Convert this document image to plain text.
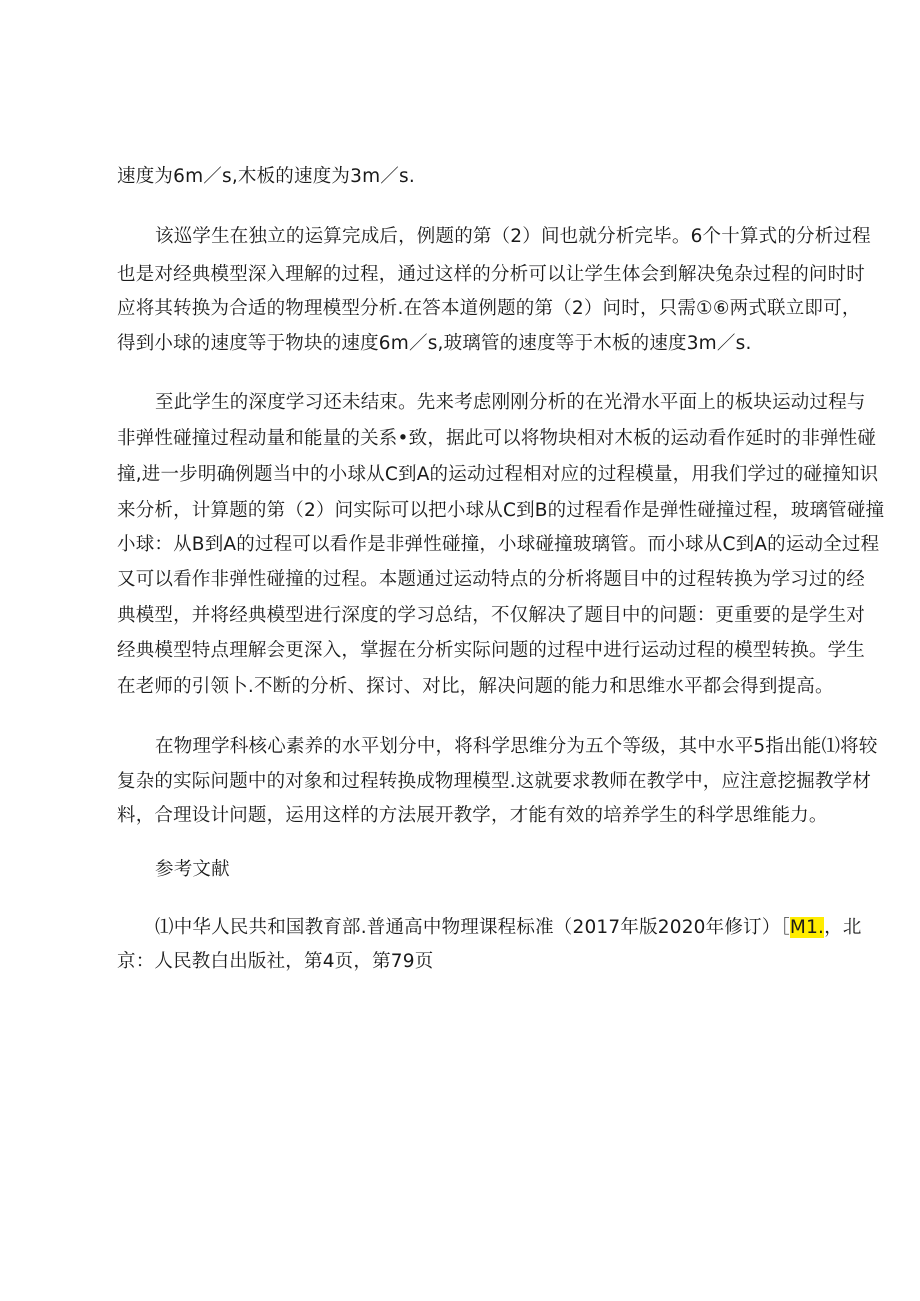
速度为6m／s,木板的速度为3m／s.
该巡学生在独立的运算完成后，例题的第（2）间也就分析完毕。6个十算式的分析过程
也是对经典模型深入理解的过程，通过这样的分析可以让学生体会到解决兔杂过程的问时时
应将其转换为合适的物理模型分析.在答本道例题的第（2）问时，只需①⑥两式联立即可，
得到小球的速度等于物块的速度6m／s,玻璃管的速度等于木板的速度3m／s.
至此学生的深度学习还未结束。先来考虑刚刚分析的在光滑水平面上的板块运动过程与
非弹性碰撞过程动量和能量的关系•致，据此可以将物块相对木板的运动看作延时的非弹性碰
撞,进一步明确例题当中的小球从C到A的运动过程相对应的过程模量，用我们学过的碰撞知识
来分析，计算题的第（2）问实际可以把小球从C到B的过程看作是弹性碰撞过程，玻璃管碰撞
小球：从B到A的过程可以看作是非弹性碰撞，小球碰撞玻璃管。而小球从C到A的运动全过程
又可以看作非弹性碰撞的过程。本题通过运动特点的分析将题目中的过程转换为学习过的经
典模型，并将经典模型进行深度的学习总结，不仅解决了题目中的问题：更重要的是学生对
经典模型特点理解会更深入，掌握在分析实际问题的过程中进行运动过程的模型转换。学生
在老师的引领卜.不断的分析、探讨、对比，解决问题的能力和思维水平都会得到提高。
在物理学科核心素养的水平划分中，将科学思维分为五个等级，其中水平5指出能⑴将较
复杂的实际问题中的对象和过程转换成物理模型.这就要求教师在教学中，应注意挖掘教学材
料，合理设计问题，运用这样的方法展开教学，才能有效的培养学生的科学思维能力。
参考文献
⑴中华人民共和国教育部.普通高中物理课程标准（2017年版2020年修订）［M1.，北
京：人民教白出版社，第4页，第79页
